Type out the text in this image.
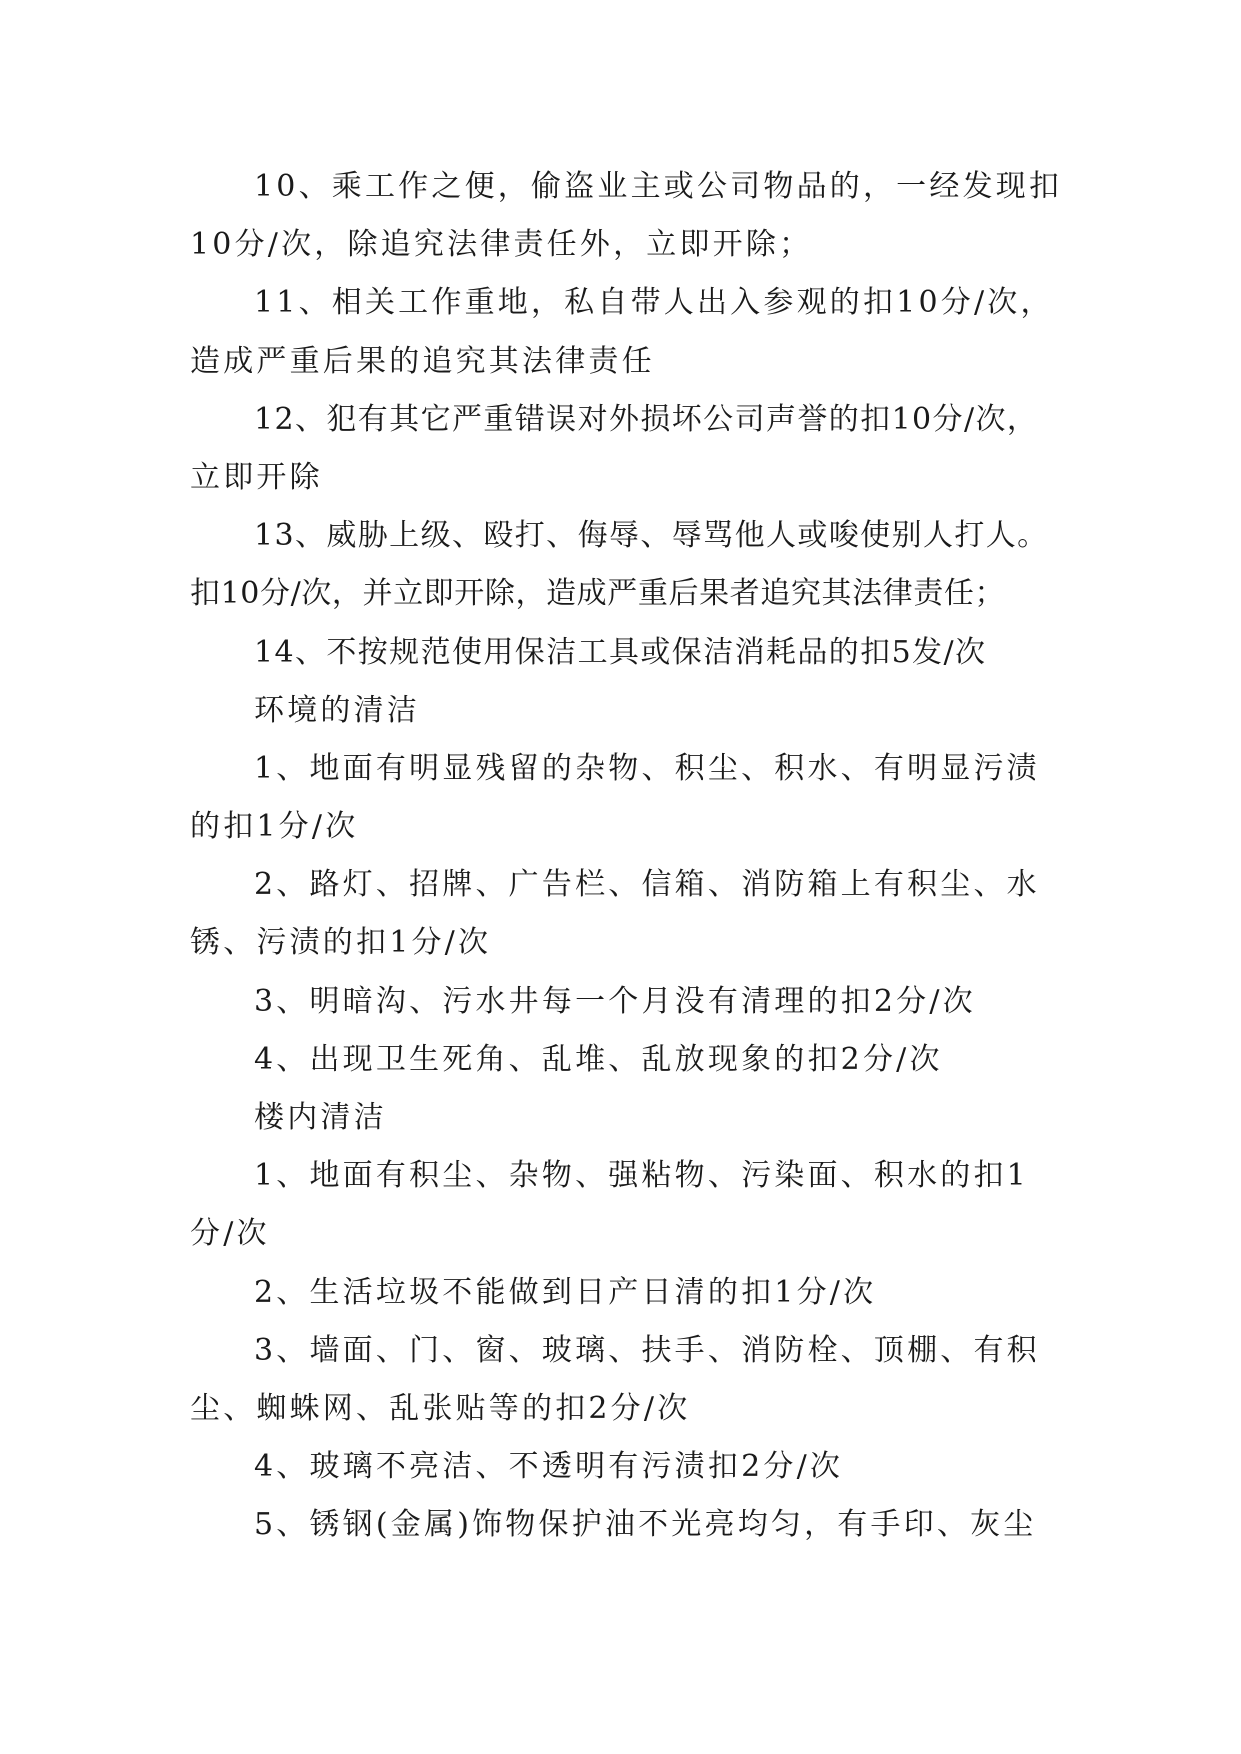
10、乘工作之便，偷盗业主或公司物品的，一经发现扣
10分/次，除追究法律责任外，立即开除；
11、相关工作重地，私自带人出入参观的扣10分/次，
造成严重后果的追究其法律责任
12、犯有其它严重错误对外损坏公司声誉的扣10分/次，
立即开除
13、威胁上级、殴打、侮辱、辱骂他人或唆使别人打人。
扣10分/次，并立即开除，造成严重后果者追究其法律责任；
14、不按规范使用保洁工具或保洁消耗品的扣5发/次
环境的清洁
1、地面有明显残留的杂物、积尘、积水、有明显污渍
的扣1分/次
2、路灯、招牌、广告栏、信箱、消防箱上有积尘、水
锈、污渍的扣1分/次
3、明暗沟、污水井每一个月没有清理的扣2分/次
4、出现卫生死角、乱堆、乱放现象的扣2分/次
楼内清洁
1、地面有积尘、杂物、强粘物、污染面、积水的扣1
分/次
2、生活垃圾不能做到日产日清的扣1分/次
3、墙面、门、窗、玻璃、扶手、消防栓、顶棚、有积
尘、蜘蛛网、乱张贴等的扣2分/次
4、玻璃不亮洁、不透明有污渍扣2分/次
5、锈钢(金属)饰物保护油不光亮均匀，有手印、灰尘
